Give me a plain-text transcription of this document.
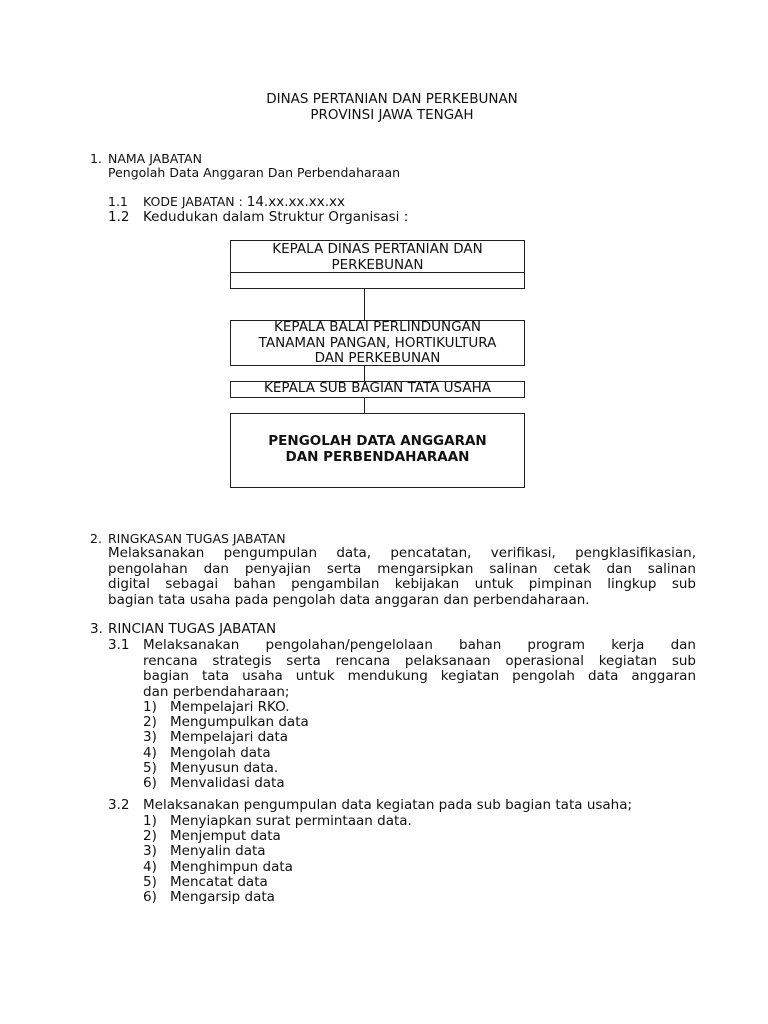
DINAS PERTANIAN DAN PERKEBUNAN
PROVINSI JAWA TENGAH
1. NAMA JABATAN
Pengolah Data Anggaran Dan Perbendaharaan
1.1 KODE JABATAN : 14.xx.xx.xx.xx
1.2 Kedudukan dalam Struktur Organisasi :
KEPALA DINAS PERTANIAN DAN
PERKEBUNAN
KEPALA BALAI PERLINDUNGAN
TANAMAN PANGAN, HORTIKULTURA
DAN PERKEBUNAN
KEPALA SUB BAGIAN TATA USAHA
PENGOLAH DATA ANGGARAN
DAN PERBENDAHARAAN
2. RINGKASAN TUGAS JABATAN
Melaksanakan pengumpulan data, pencatatan, verifikasi, pengklasifikasian,
pengolahan dan penyajian serta mengarsipkan salinan cetak dan salinan
digital sebagai bahan pengambilan kebijakan untuk pimpinan lingkup sub
bagian tata usaha pada pengolah data anggaran dan perbendaharaan.
3. RINCIAN TUGAS JABATAN
3.1 Melaksanakan pengolahan/pengelolaan bahan program kerja dan
rencana strategis serta rencana pelaksanaan operasional kegiatan sub
bagian tata usaha untuk mendukung kegiatan pengolah data anggaran
dan perbendaharaan;
1) Mempelajari RKO.
2) Mengumpulkan data
3) Mempelajari data
4) Mengolah data
5) Menyusun data.
6) Menvalidasi data
3.2 Melaksanakan pengumpulan data kegiatan pada sub bagian tata usaha;
1) Menyiapkan surat permintaan data.
2) Menjemput data
3) Menyalin data
4) Menghimpun data
5) Mencatat data
6) Mengarsip data
